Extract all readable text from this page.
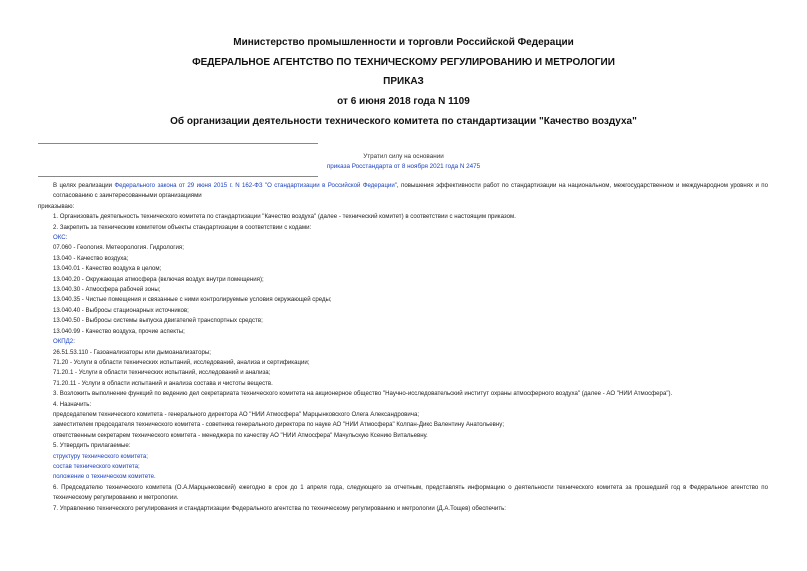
Министерство промышленности и торговли Российской Федерации
ФЕДЕРАЛЬНОЕ АГЕНТСТВО ПО ТЕХНИЧЕСКОМУ РЕГУЛИРОВАНИЮ И МЕТРОЛОГИИ
ПРИКАЗ
от 6 июня 2018 года N 1109
Об организации деятельности технического комитета по стандартизации "Качество воздуха"
Утратил силу на основании
приказа Росстандарта от 8 ноября 2021 года N 2475

В целях реализации Федерального закона от 29 июня 2015 г. N 162-ФЗ "О стандартизации в Российской Федерации", повышения эффективности работ по стандартизации на национальном, межгосударственном и международном уровнях и по согласованию с заинтересованными организациями

приказываю:

1. Организовать деятельность технического комитета по стандартизации "Качество воздуха" (далее - технический комитет) в соответствии с настоящим приказом.

2. Закрепить за техническим комитетом объекты стандартизации в соответствии с кодами:

ОКС:

07.060 - Геология. Метеорология. Гидрология;

13.040 - Качество воздуха;

13.040.01 - Качество воздуха в целом;

13.040.20 - Окружающая атмосфера (включая воздух внутри помещения);

13.040.30 - Атмосфера рабочей зоны;

13.040.35 - Чистые помещения и связанные с ними контролируемые условия окружающей среды;

13.040.40 - Выбросы стационарных источников;

13.040.50 - Выбросы системы выпуска двигателей транспортных средств;

13.040.99 - Качество воздуха, прочие аспекты;

ОКПД2:

26.51.53.110 - Газоанализаторы или дымоанализаторы;

71.20 - Услуги в области технических испытаний, исследований, анализа и сертификации;

71.20.1 - Услуги в области технических испытаний, исследований и анализа;

71.20.11 - Услуги в области испытаний и анализа состава и чистоты веществ.

3. Возложить выполнение функций по ведению дел секретариата технического комитета на акционерное общество "Научно-исследовательский институт охраны атмосферного воздуха" (далее - АО "НИИ Атмосфера").

4. Назначить:

председателем технического комитета - генерального директора АО "НИИ Атмосфера" Марцынковского Олега Александровича;

заместителем председателя технического комитета - советника генерального директора по науке АО "НИИ Атмосфера" Колпан-Дикс Валентину Анатольевну;

ответственным секретарем технического комитета - менеджера по качеству АО "НИИ Атмосфера" Мачульскую Ксению Витальевну.

5. Утвердить прилагаемые:

структуру технического комитета;

состав технического комитета;

положение о техническом комитете.

6. Председателю технического комитета (О.А.Марцынковский) ежегодно в срок до 1 апреля года, следующего за отчетным, представлять информацию о деятельности технического комитета за прошедший год в Федеральное агентство по техническому регулированию и метрологии.

7. Управлению технического регулирования и стандартизации Федерального агентства по техническому регулированию и метрологии (Д.А.Тощев) обеспечить:
